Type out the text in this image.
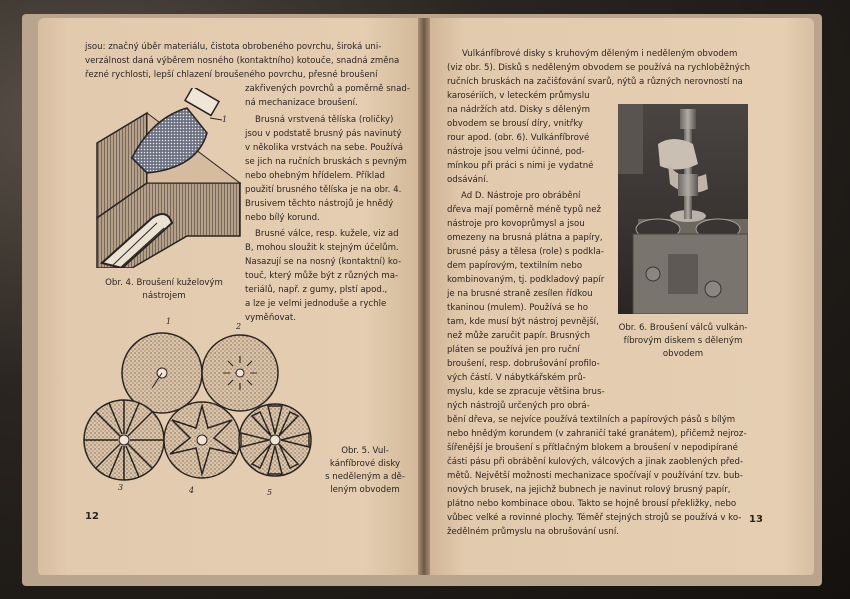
jsou: značný úběr materiálu, čistota obrobeného povrchu, široká uni-
verzálnost daná výběrem nosného (kontaktního) kotouče, snadná změna
řezné rychlosti, lepší chlazení broušeného povrchu, přesné broušení
zakřivených povrchů a poměrně snad-
ná mechanizace broušení.
Brusná vrstvená tělíska (roličky)
jsou v podstatě brusný pás navinutý
v několika vrstvách na sebe. Používá
se jich na ručních bruskách s pevným
nebo ohebným hřídelem. Příklad
použití brusného tělíska je na obr. 4.
Brusivem těchto nástrojů je hnědý
nebo bílý korund.
Brusné válce, resp. kužele, viz ad
B, mohou sloužit k stejným účelům.
Nasazují se na nosný (kontaktní) ko-
touč, který může být z různých ma-
teriálů, např. z gumy, plstí apod.,
a lze je velmi jednoduše a rychle
vyměňovat.
1
Obr. 4. Broušení kuželovým
nástrojem
1
2
3	4	5
Obr. 5. Vul-
kánfíbrové disky
s neděleným a dě-
leným obvodem
12
Vulkánfíbrové disky s kruhovým děleným i neděleným obvodem
(viz obr. 5). Disků s neděleným obvodem se používá na rychloběžných
ručních bruskách na začišťování svarů, nýtů a různých nerovností na
karosériích, v leteckém průmyslu
na nádržích atd. Disky s děleným
obvodem se brousí díry, vnitřky
rour apod. (obr. 6). Vulkánfíbrové
nástroje jsou velmi účinné, pod-
mínkou při práci s nimi je vydatné
odsávání.
Ad D. Nástroje pro obrábění
dřeva mají poměrně méně typů než
nástroje pro kovoprůmysl a jsou
omezeny na brusná plátna a papíry,
brusné pásy a tělesa (role) s podkla-
dem papírovým, textilním nebo
kombinovaným, tj. podkladový papír
je na brusné straně zesílen řídkou
tkaninou (mulem). Používá se ho
tam, kde musí být nástroj pevnější,
než může zaručit papír. Brusných
pláten se používá jen pro ruční
broušení, resp. dobrušování profilo-
vých částí. V nábytkářském prů-
myslu, kde se zpracuje většina brus-
ných nástrojů určených pro obrá-
bění dřeva, se nejvíce používá textilních a papírových pásů s bílým
nebo hnědým korundem (v zahraničí také granátem), přičemž nejroz-
šířenější je broušení s přítlačným blokem a broušení v nepodipírané
části pásu při obrábění kulových, válcových a jinak zaoblených před-
mětů. Největší možnosti mechanizace spočívají v používání tzv. bub-
nových brusek, na jejichž bubnech je navinut rolový brusný papír,
plátno nebo kombinace obou. Takto se hojně brousí překližky, nebo
vůbec velké a rovinné plochy. Téměř stejných strojů se používá v ko-
žedělném průmyslu na obrušování usní.
Obr. 6. Broušení válců vulkán-
fíbrovým diskem s děleným
obvodem
13
